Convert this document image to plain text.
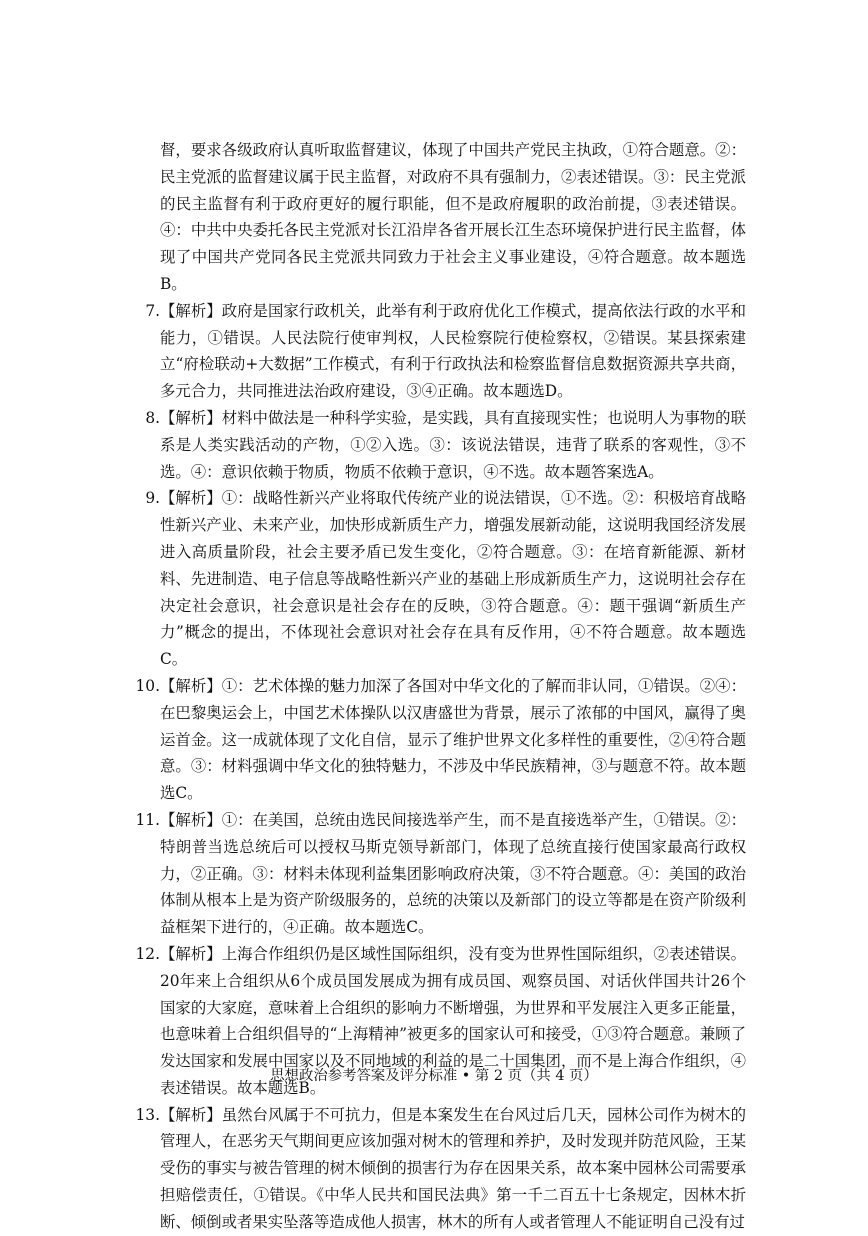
督，要求各级政府认真听取监督建议，体现了中国共产党民主执政，①符合题意。②：民主党派的监督建议属于民主监督，对政府不具有强制力，②表述错误。③：民主党派的民主监督有利于政府更好的履行职能，但不是政府履职的政治前提，③表述错误。④：中共中央委托各民主党派对长江沿岸各省开展长江生态环境保护进行民主监督，体现了中国共产党同各民主党派共同致力于社会主义事业建设，④符合题意。故本题选B。

7. 【解析】政府是国家行政机关，此举有利于政府优化工作模式，提高依法行政的水平和能力，①错误。人民法院行使审判权，人民检察院行使检察权，②错误。某县探索建立“府检联动+大数据”工作模式，有利于行政执法和检察监督信息数据资源共享共商，多元合力，共同推进法治政府建设，③④正确。故本题选D。

8. 【解析】材料中做法是一种科学实验，是实践，具有直接现实性；也说明人为事物的联系是人类实践活动的产物，①②入选。③：该说法错误，违背了联系的客观性，③不选。④：意识依赖于物质，物质不依赖于意识，④不选。故本题答案选A。

9. 【解析】①：战略性新兴产业将取代传统产业的说法错误，①不选。②：积极培育战略性新兴产业、未来产业，加快形成新质生产力，增强发展新动能，这说明我国经济发展进入高质量阶段，社会主要矛盾已发生变化，②符合题意。③：在培育新能源、新材料、先进制造、电子信息等战略性新兴产业的基础上形成新质生产力，这说明社会存在决定社会意识，社会意识是社会存在的反映，③符合题意。④：题干强调“新质生产力”概念的提出，不体现社会意识对社会存在具有反作用，④不符合题意。故本题选C。

10. 【解析】①：艺术体操的魅力加深了各国对中华文化的了解而非认同，①错误。②④：在巴黎奥运会上，中国艺术体操队以汉唐盛世为背景，展示了浓郁的中国风，赢得了奥运首金。这一成就体现了文化自信，显示了维护世界文化多样性的重要性，②④符合题意。③：材料强调中华文化的独特魅力，不涉及中华民族精神，③与题意不符。故本题选C。

11. 【解析】①：在美国，总统由选民间接选举产生，而不是直接选举产生，①错误。②：特朗普当选总统后可以授权马斯克领导新部门，体现了总统直接行使国家最高行政权力，②正确。③：材料未体现利益集团影响政府决策，③不符合题意。④：美国的政治体制从根本上是为资产阶级服务的，总统的决策以及新部门的设立等都是在资产阶级利益框架下进行的，④正确。故本题选C。

12. 【解析】上海合作组织仍是区域性国际组织，没有变为世界性国际组织，②表述错误。20年来上合组织从6个成员国发展成为拥有成员国、观察员国、对话伙伴国共计26个国家的大家庭，意味着上合组织的影响力不断增强，为世界和平发展注入更多正能量，也意味着上合组织倡导的“上海精神”被更多的国家认可和接受，①③符合题意。兼顾了发达国家和发展中国家以及不同地域的利益的是二十国集团，而不是上海合作组织，④表述错误。故本题选B。

13. 【解析】虽然台风属于不可抗力，但是本案发生在台风过后几天，园林公司作为树木的管理人，在恶劣天气期间更应该加强对树木的管理和养护，及时发现并防范风险，王某受伤的事实与被告管理的树木倾倒的损害行为存在因果关系，故本案中园林公司需要承担赔偿责任，①错误。《中华人民共和国民法典》第一千二百五十七条规定，因林木折断、倾倒或者果实坠落等造成他人损害，林木的所有人或者管理人不能证明自己没有过

思想政治参考答案及评分标准 • 第 2 页（共 4 页）
